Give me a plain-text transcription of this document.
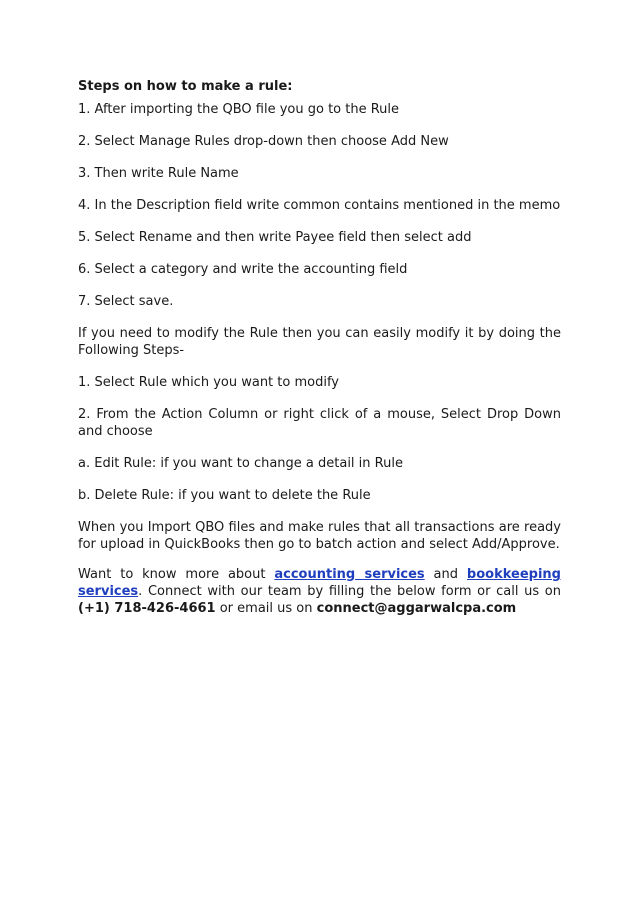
Steps on how to make a rule:
1. After importing the QBO file you go to the Rule
2. Select Manage Rules drop-down then choose Add New
3. Then write Rule Name
4. In the Description field write common contains mentioned in the memo
5. Select Rename and then write Payee field then select add
6. Select a category and write the accounting field
7. Select save.
If you need to modify the Rule then you can easily modify it by doing the Following Steps-
1. Select Rule which you want to modify
2. From the Action Column or right click of a mouse, Select Drop Down and choose
a. Edit Rule: if you want to change a detail in Rule
b. Delete Rule: if you want to delete the Rule
When you Import QBO files and make rules that all transactions are ready for upload in QuickBooks then go to batch action and select Add/Approve.
Want to know more about accounting services and bookkeeping services. Connect with our team by filling the below form or call us on (+1) 718-426-4661 or email us on connect@aggarwalcpa.com
